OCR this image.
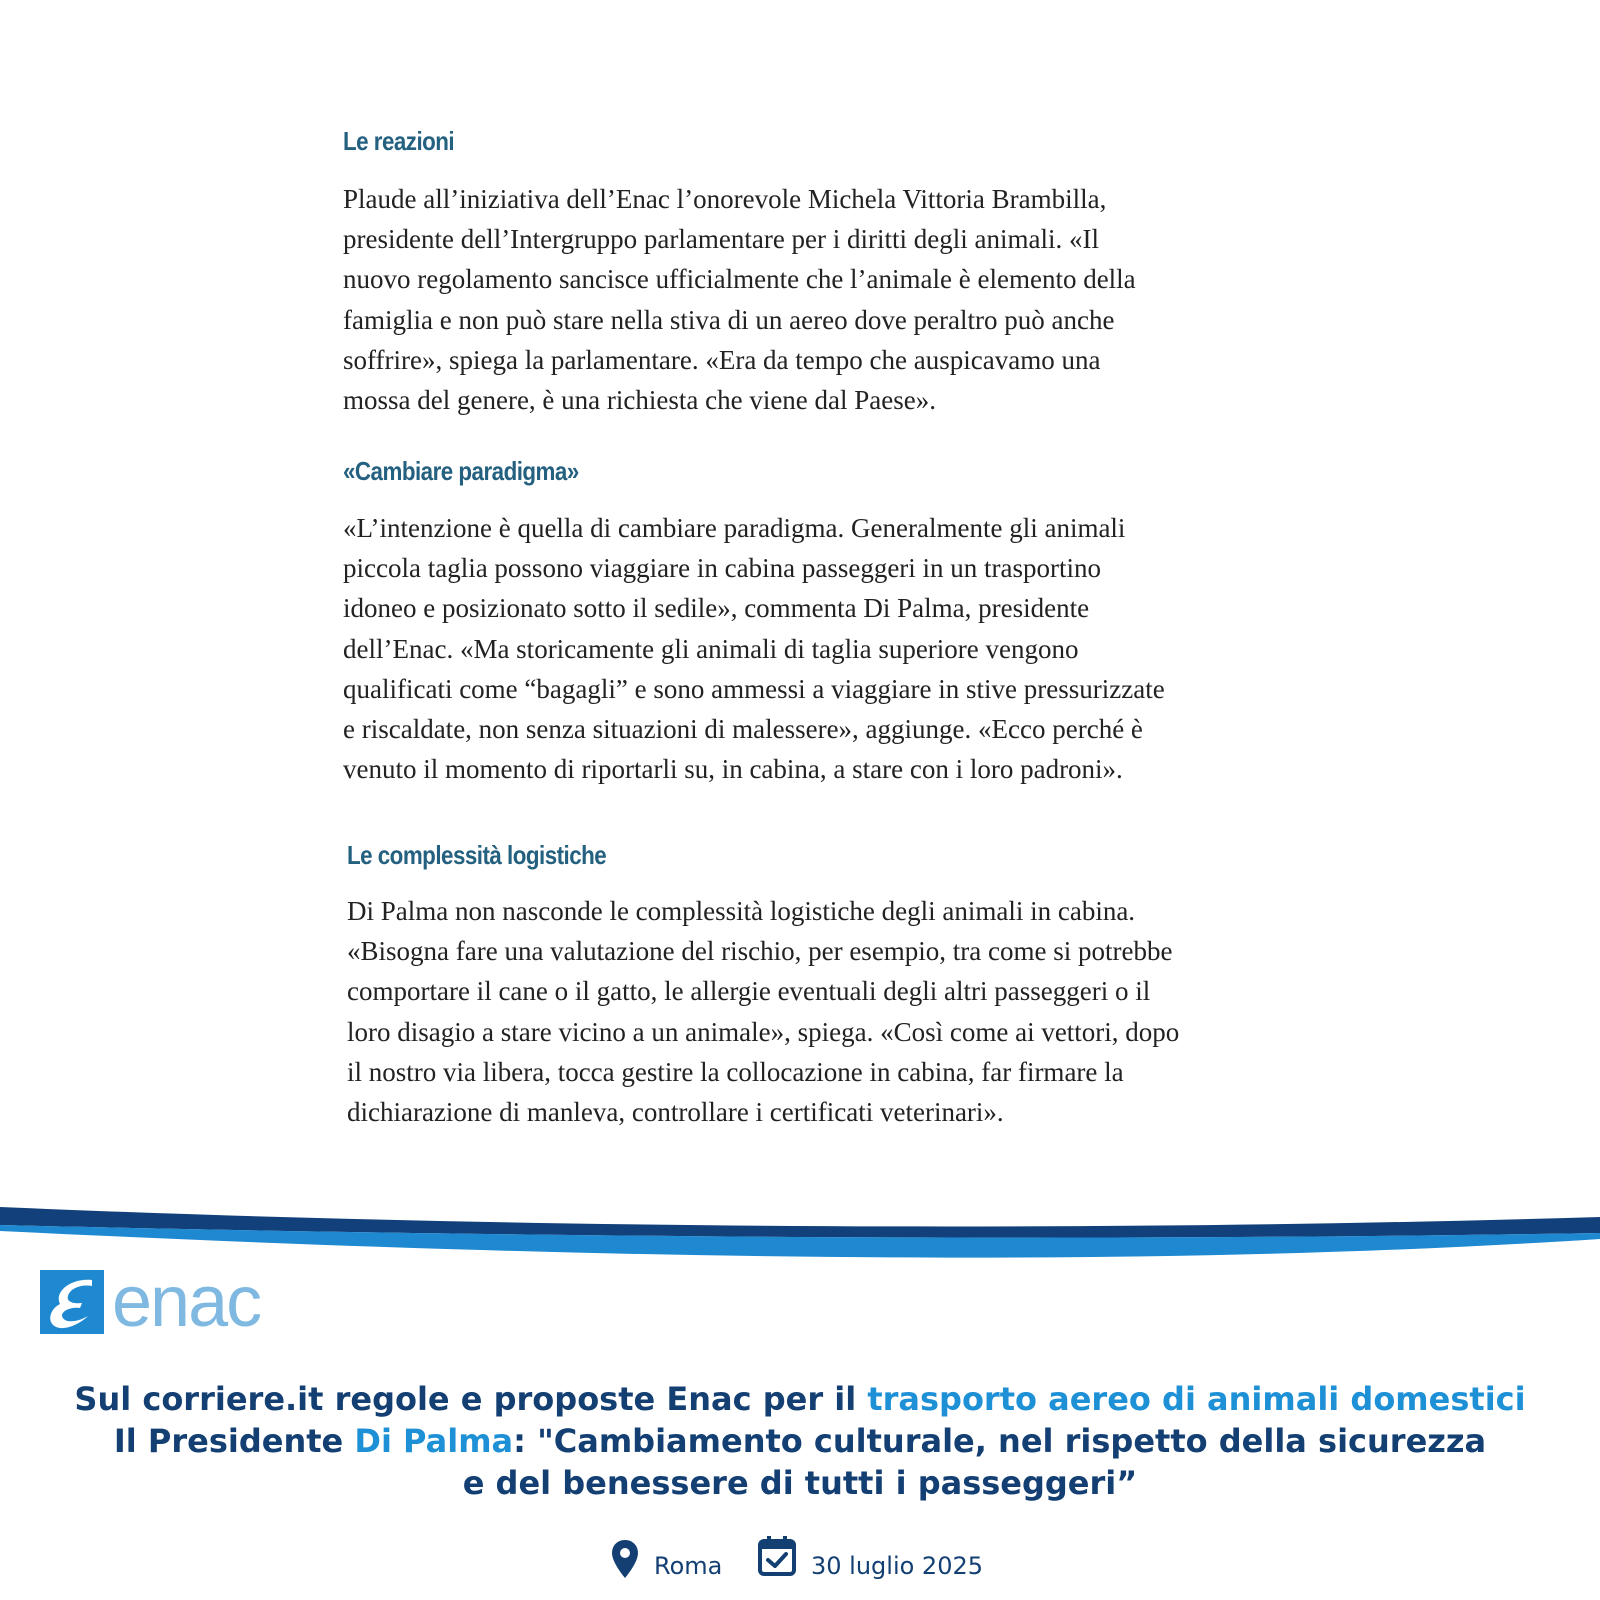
Le reazioni

Plaude all’iniziativa dell’Enac l’onorevole Michela Vittoria Brambilla,
presidente dell’Intergruppo parlamentare per i diritti degli animali. «Il
nuovo regolamento sancisce ufficialmente che l’animale è elemento della
famiglia e non può stare nella stiva di un aereo dove peraltro può anche
soffrire», spiega la parlamentare. «Era da tempo che auspicavamo una
mossa del genere, è una richiesta che viene dal Paese».

«Cambiare paradigma»

«L’intenzione è quella di cambiare paradigma. Generalmente gli animali
piccola taglia possono viaggiare in cabina passeggeri in un trasportino
idoneo e posizionato sotto il sedile», commenta Di Palma, presidente
dell’Enac. «Ma storicamente gli animali di taglia superiore vengono
qualificati come “bagagli” e sono ammessi a viaggiare in stive pressurizzate
e riscaldate, non senza situazioni di malessere», aggiunge. «Ecco perché è
venuto il momento di riportarli su, in cabina, a stare con i loro padroni».

Le complessità logistiche

Di Palma non nasconde le complessità logistiche degli animali in cabina.
«Bisogna fare una valutazione del rischio, per esempio, tra come si potrebbe
comportare il cane o il gatto, le allergie eventuali degli altri passeggeri o il
loro disagio a stare vicino a un animale», spiega. «Così come ai vettori, dopo
il nostro via libera, tocca gestire la collocazione in cabina, far firmare la
dichiarazione di manleva, controllare i certificati veterinari».

enac
Sul corriere.it regole e proposte Enac per il trasporto aereo di animali domestici
Il Presidente Di Palma: "Cambiamento culturale, nel rispetto della sicurezza
e del benessere di tutti i passeggeri”
Roma	30 luglio 2025
